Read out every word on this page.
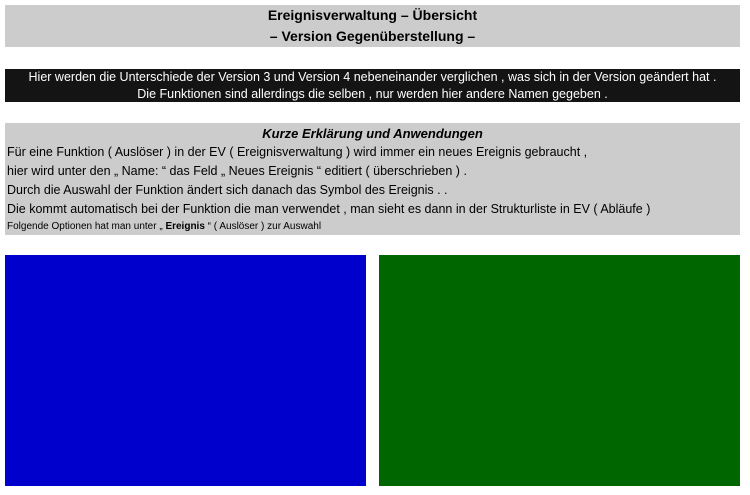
Ereignisverwaltung – Übersicht
– Version Gegenüberstellung –
Hier werden die Unterschiede der Version 3 und Version 4 nebeneinander verglichen , was sich in der Version geändert hat .
Die Funktionen sind allerdings die selben , nur werden hier andere Namen gegeben .
Kurze Erklärung und Anwendungen
Für eine Funktion ( Auslöser ) in der EV ( Ereignisverwaltung ) wird immer ein neues Ereignis gebraucht ,
hier wird unter den „ Name: “ das Feld „ Neues Ereignis “ editiert ( überschrieben ) .
Durch die Auswahl der Funktion ändert sich danach das Symbol des Ereignis . .
Die kommt automatisch bei der Funktion die man verwendet , man sieht es dann in der Strukturliste in EV ( Abläufe )
Folgende Optionen hat man unter „ Ereignis “ ( Auslöser ) zur Auswahl
